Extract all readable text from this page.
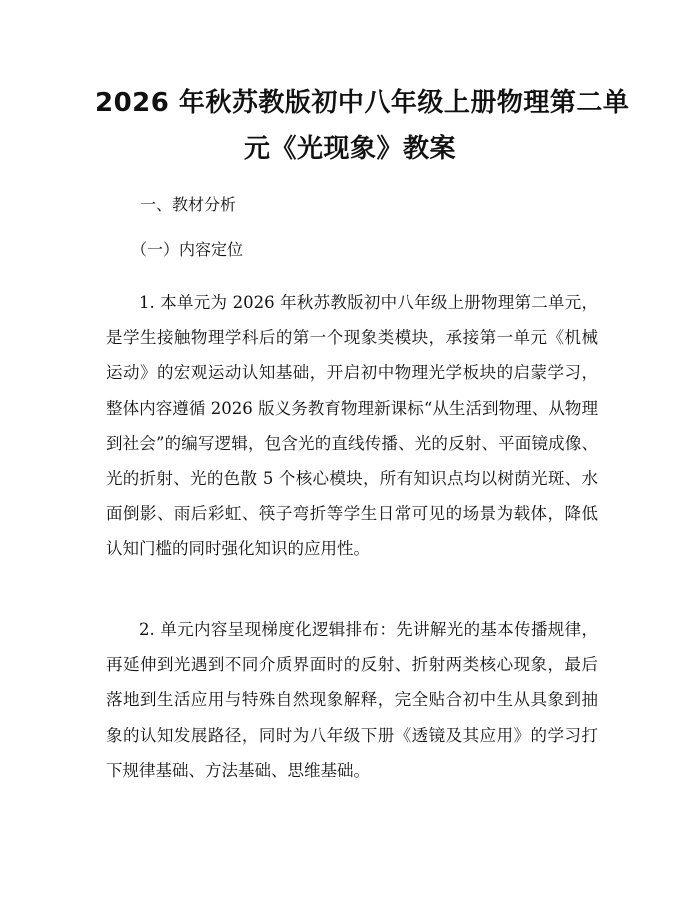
2026 年秋苏教版初中八年级上册物理第二单
元《光现象》教案
一、教材分析
（一）内容定位

1. 本单元为 2026 年秋苏教版初中八年级上册物理第二单元，是学生接触物理学科后的第一个现象类模块，承接第一单元《机械运动》的宏观运动认知基础，开启初中物理光学板块的启蒙学习，整体内容遵循 2026 版义务教育物理新课标“从生活到物理、从物理到社会”的编写逻辑，包含光的直线传播、光的反射、平面镜成像、光的折射、光的色散 5 个核心模块，所有知识点均以树荫光斑、水面倒影、雨后彩虹、筷子弯折等学生日常可见的场景为载体，降低认知门槛的同时强化知识的应用性。

2. 单元内容呈现梯度化逻辑排布：先讲解光的基本传播规律，再延伸到光遇到不同介质界面时的反射、折射两类核心现象，最后落地到生活应用与特殊自然现象解释，完全贴合初中生从具象到抽象的认知发展路径，同时为八年级下册《透镜及其应用》的学习打下规律基础、方法基础、思维基础。
